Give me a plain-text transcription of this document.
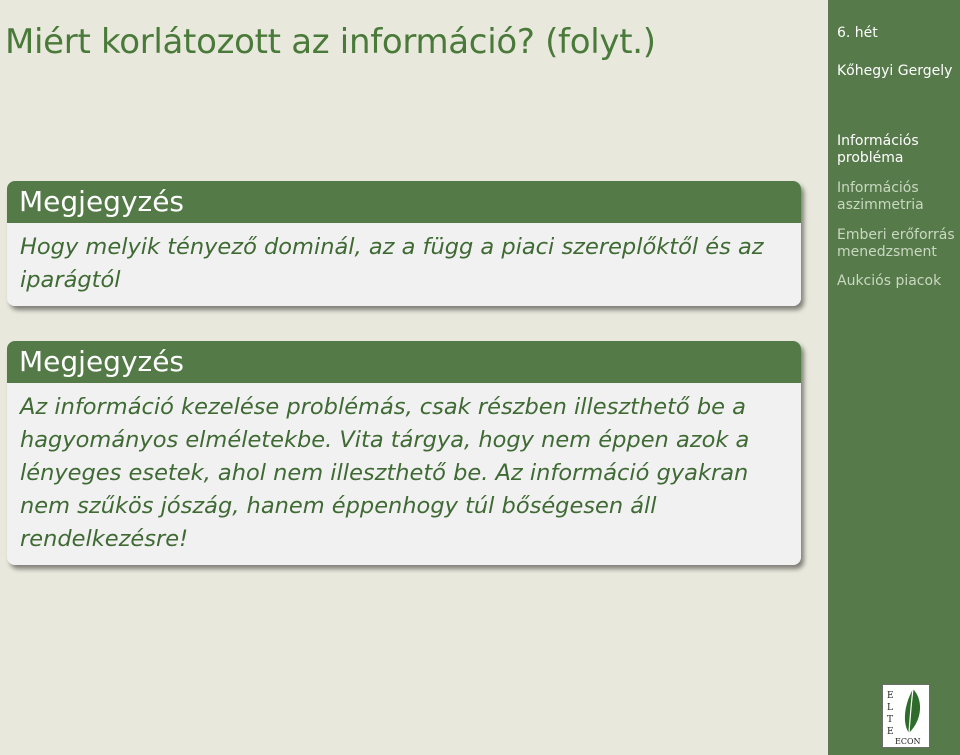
Miért korlátozott az információ? (folyt.)
Megjegyzés
Hogy melyik tényező dominál, az a függ a piaci szereplőktől és az iparágtól
Megjegyzés
Az információ kezelése problémás, csak részben illeszthető be a hagyományos elméletekbe. Vita tárgya, hogy nem éppen azok a lényeges esetek, ahol nem illeszthető be. Az információ gyakran nem szűkös jószág, hanem éppenhogy túl bőségesen áll rendelkezésre!
6. hét
Kőhegyi Gergely
Információs
probléma
Információs
aszimmetria
Emberi erőforrás
menedzsment
Aukciós piacok
E
L
T
E
ECON
